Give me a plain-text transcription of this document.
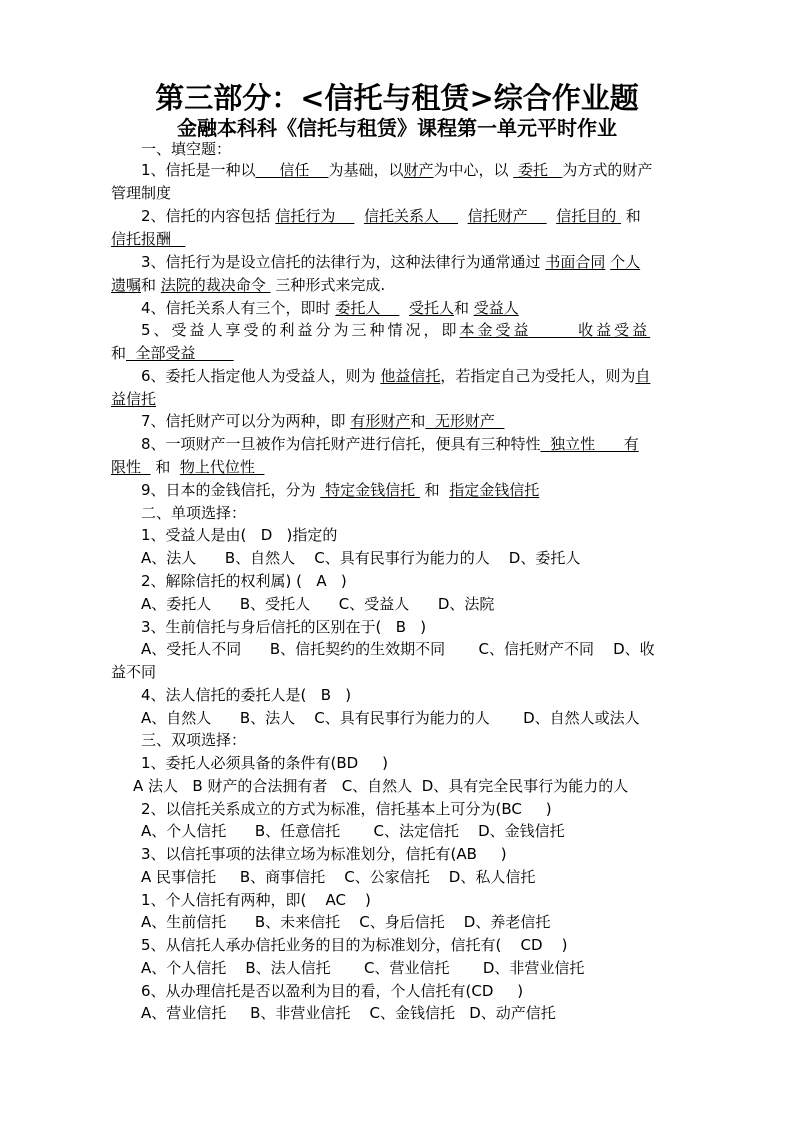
第三部分：<信托与租赁>综合作业题
金融本科科《信托与租赁》课程第一单元平时作业
一、填空题：
1、信托是一种以     信任    为基础，以财产为中心，以  委托   为方式的财产
管理制度
2、信托的内容包括 信托行为      信托关系人      信托财产      信托目的  和
信托报酬
3、信托行为是设立信托的法律行为，这种法律行为通常通过 书面合同 个人
遗嘱和 法院的裁决命令  三种形式来完成.
4、信托关系人有三个，即时 委托人      受托人和 受益人
5、受益人享受的利益分为三种情况，即本金受益      收益受益
和  全部受益
6、委托人指定他人为受益人，则为 他益信托，若指定自己为受托人，则为自
益信托
7、信托财产可以分为两种，即 有形财产和  无形财产
8、一项财产一旦被作为信托财产进行信托，便具有三种特性  独立性      有
限性   和  物上代位性
9、日本的金钱信托，分为  特定金钱信托  和  指定金钱信托
二、单项选择：
1、受益人是由(   D   )指定的
A、法人      B、自然人    C、具有民事行为能力的人    D、委托人
2、解除信托的权利属) (   A   )
A、委托人      B、受托人      C、受益人      D、法院
3、生前信托与身后信托的区别在于(   B   )
A、受托人不同      B、信托契约的生效期不同       C、信托财产不同    D、收
益不同
4、法人信托的委托人是(   B   )
A、自然人      B、法人    C、具有民事行为能力的人       D、自然人或法人
三、双项选择：
1、委托人必须具备的条件有(BD     )
A 法人   B 财产的合法拥有者   C、自然人  D、具有完全民事行为能力的人
2、以信托关系成立的方式为标准，信托基本上可分为(BC     )
A、个人信托      B、任意信托       C、法定信托    D、金钱信托
3、以信托事项的法律立场为标准划分，信托有(AB     )
A 民事信托     B、商事信托    C、公家信托    D、私人信托
1、个人信托有两种，即(    AC    )
A、生前信托      B、未来信托    C、身后信托    D、养老信托
5、从信托人承办信托业务的目的为标准划分，信托有(    CD    )
A、个人信托    B、法人信托       C、营业信托       D、非营业信托
6、从办理信托是否以盈利为目的看，个人信托有(CD     )
A、营业信托     B、非营业信托    C、金钱信托   D、动产信托
